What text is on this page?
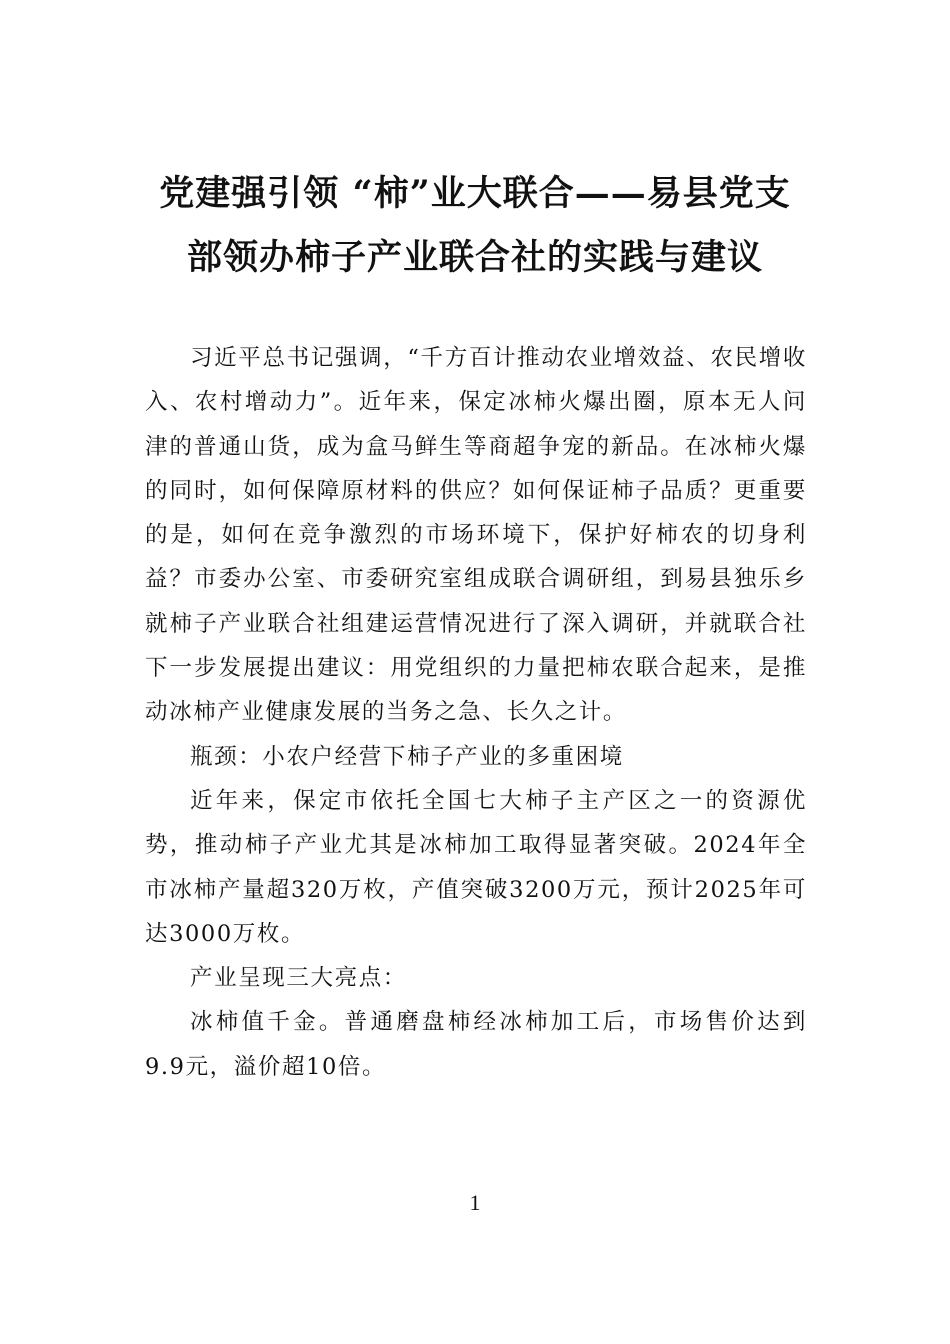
党建强引领 “柿”业大联合——易县党支
部领办柿子产业联合社的实践与建议

习近平总书记强调，“千方百计推动农业增效益、农民增收入、农村增动力”。近年来，保定冰柿火爆出圈，原本无人问津的普通山货，成为盒马鲜生等商超争宠的新品。在冰柿火爆的同时，如何保障原材料的供应？如何保证柿子品质？更重要的是，如何在竞争激烈的市场环境下，保护好柿农的切身利益？市委办公室、市委研究室组成联合调研组，到易县独乐乡就柿子产业联合社组建运营情况进行了深入调研，并就联合社下一步发展提出建议：用党组织的力量把柿农联合起来，是推动冰柿产业健康发展的当务之急、长久之计。

瓶颈：小农户经营下柿子产业的多重困境

近年来，保定市依托全国七大柿子主产区之一的资源优势，推动柿子产业尤其是冰柿加工取得显著突破。2024年全市冰柿产量超320万枚，产值突破3200万元，预计2025年可达3000万枚。

产业呈现三大亮点：

冰柿值千金。普通磨盘柿经冰柿加工后，市场售价达到9.9元，溢价超10倍。

1
